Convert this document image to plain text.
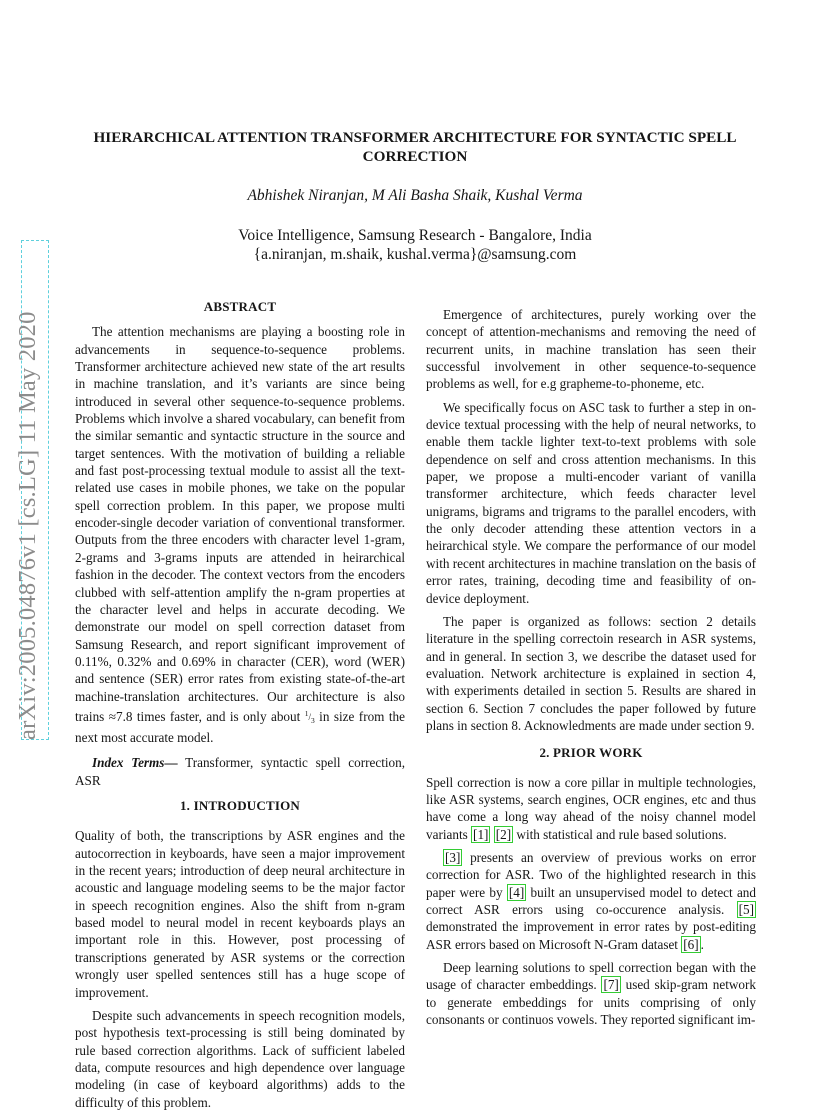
arXiv:2005.04876v1 [cs.LG] 11 May 2020
HIERARCHICAL ATTENTION TRANSFORMER ARCHITECTURE FOR SYNTACTIC SPELL CORRECTION
Abhishek Niranjan, M Ali Basha Shaik, Kushal Verma
Voice Intelligence, Samsung Research - Bangalore, India
{a.niranjan, m.shaik, kushal.verma}@samsung.com
ABSTRACT

The attention mechanisms are playing a boosting role in advancements in sequence-to-sequence problems. Transformer architecture achieved new state of the art results in machine translation, and it’s variants are since being introduced in several other sequence-to-sequence problems. Problems which involve a shared vocabulary, can benefit from the similar semantic and syntactic structure in the source and target sentences. With the motivation of building a reliable and fast post-processing textual module to assist all the text-related use cases in mobile phones, we take on the popular spell correction problem. In this paper, we propose multi encoder-single decoder variation of conventional transformer. Outputs from the three encoders with character level 1-gram, 2-grams and 3-grams inputs are attended in heirarchical fashion in the decoder. The context vectors from the encoders clubbed with self-attention amplify the n-gram properties at the character level and helps in accurate decoding. We demonstrate our model on spell correction dataset from Samsung Research, and report significant improvement of 0.11%, 0.32% and 0.69% in character (CER), word (WER) and sentence (SER) error rates from existing state-of-the-art machine-translation architectures. Our architecture is also trains ≈7.8 times faster, and is only about $^1/_3$ in size from the next most accurate model.

Index Terms— Transformer, syntactic spell correction, ASR

1. INTRODUCTION

Quality of both, the transcriptions by ASR engines and the autocorrection in keyboards, have seen a major improvement in the recent years; introduction of deep neural architecture in acoustic and language modeling seems to be the major factor in speech recognition engines. Also the shift from n-gram based model to neural model in recent keyboards plays an important role in this. However, post processing of transcriptions generated by ASR systems or the correction wrongly user spelled sentences still has a huge scope of improvement.

Despite such advancements in speech recognition models, post hypothesis text-processing is still being dominated by rule based correction algorithms. Lack of sufficient labeled data, compute resources and high dependence over language modeling (in case of keyboard algorithms) adds to the difficulty of this problem.

Emergence of architectures, purely working over the concept of attention-mechanisms and removing the need of recurrent units, in machine translation has seen their successful involvement in other sequence-to-sequence problems as well, for e.g grapheme-to-phoneme, etc.

We specifically focus on ASC task to further a step in on-device textual processing with the help of neural networks, to enable them tackle lighter text-to-text problems with sole dependence on self and cross attention mechanisms. In this paper, we propose a multi-encoder variant of vanilla transformer architecture, which feeds character level unigrams, bigrams and trigrams to the parallel encoders, with the only decoder attending these attention vectors in a heirarchical style. We compare the performance of our model with recent architectures in machine translation on the basis of error rates, training, decoding time and feasibility of on-device deployment.

The paper is organized as follows: section 2 details literature in the spelling correctoin research in ASR systems, and in general. In section 3, we describe the dataset used for evaluation. Network architecture is explained in section 4, with experiments detailed in section 5. Results are shared in section 6. Section 7 concludes the paper followed by future plans in section 8. Acknowledments are made under section 9.

2. PRIOR WORK

Spell correction is now a core pillar in multiple technologies, like ASR systems, search engines, OCR engines, etc and thus have come a long way ahead of the noisy channel model variants [1] [2] with statistical and rule based solutions.

[3] presents an overview of previous works on error correction for ASR. Two of the highlighted research in this paper were by [4] built an unsupervised model to detect and correct ASR errors using co-occurence analysis. [5] demonstrated the improvement in error rates by post-editing ASR errors based on Microsoft N-Gram dataset [6] .

Deep learning solutions to spell correction began with the usage of character embeddings. [7] used skip-gram network to generate embeddings for units comprising of only consonants or continuos vowels. They reported significant im-
